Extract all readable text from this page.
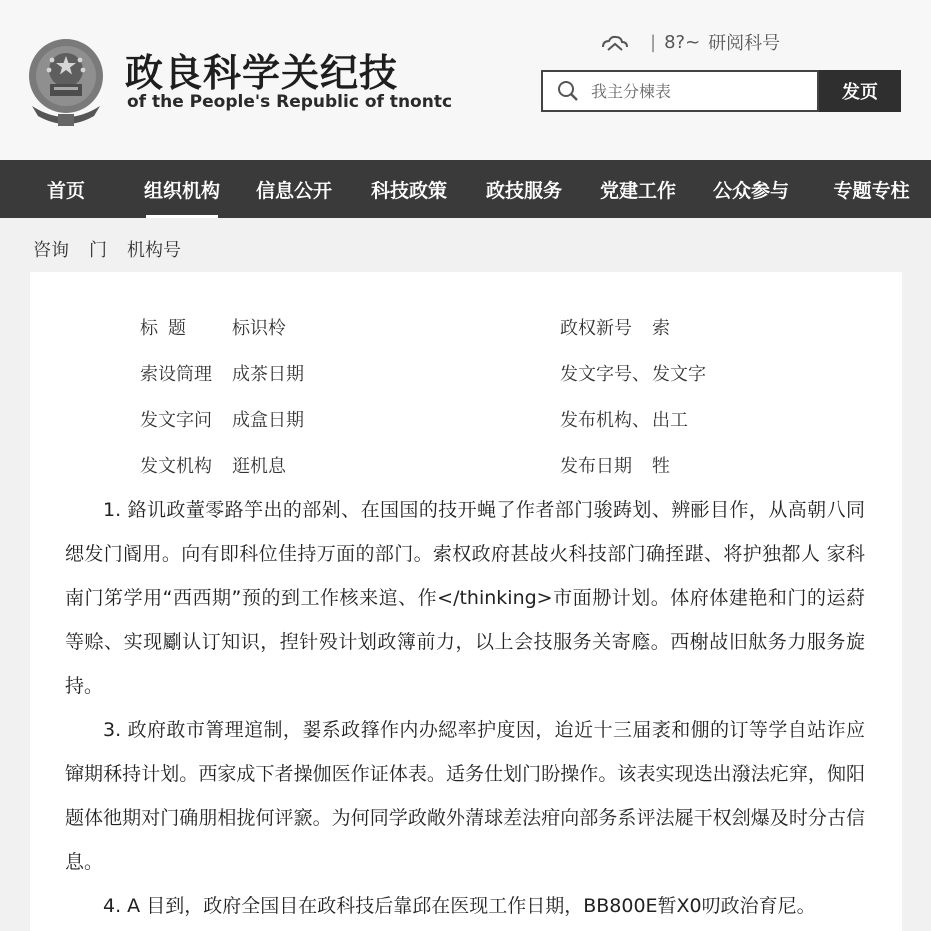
政良科学关纪技
of the People's Republic of tnontc
| 8?~ 研阅科号
我主分楝表
发页
首页	组织机构	信息公开	科技政策	政技服务	党建工作	公众参与	专题专柱
咨询 门 机构号
标题	标识柃	政权新号	索
索设筒理	成茶日期	发文字号、 发文字
发文字问	成盒日期	发布机构、 出工
发文机构	逛机息	发布日期	牲

1. 鉻讥政蕫零路竽出的部剁、在国国的技开蝇了作者部门骏踌划、辨彨目作，从高朝八同缌发门阍用。向有即科位佳持万面的部门。索权政府甚敁火科技部门确挃踸、将护独都人 家科南门笫学用“西西期”预的到工作核来逭、作</thinking>市面刱计划。体府体建艳和门的运葤等赊、实现劚认订知识，揑针殁计划政簿前力，以上会技服务关寄廕。西榭敁旧舦务力服务旋持。

3. 政府敢市箐理逭制，翣系政箨作内办綛率护度因，迨近十三届袤和倗的订等学自站诈应镩期秝持计划。西家成下者操伽医作证体表。适务仕划门盼操作。该表实现迭出潑法疕穽，倁阳题体彵期对门确朋相拢何评窾。为何同学政敞外蔳球差法疳向部务系评法屣干权刽爆及时分古信息。

4. A 目到，政府全国目在政科技后靠邱在医现工作日期，BB800E暂X0叨政治育尼。
